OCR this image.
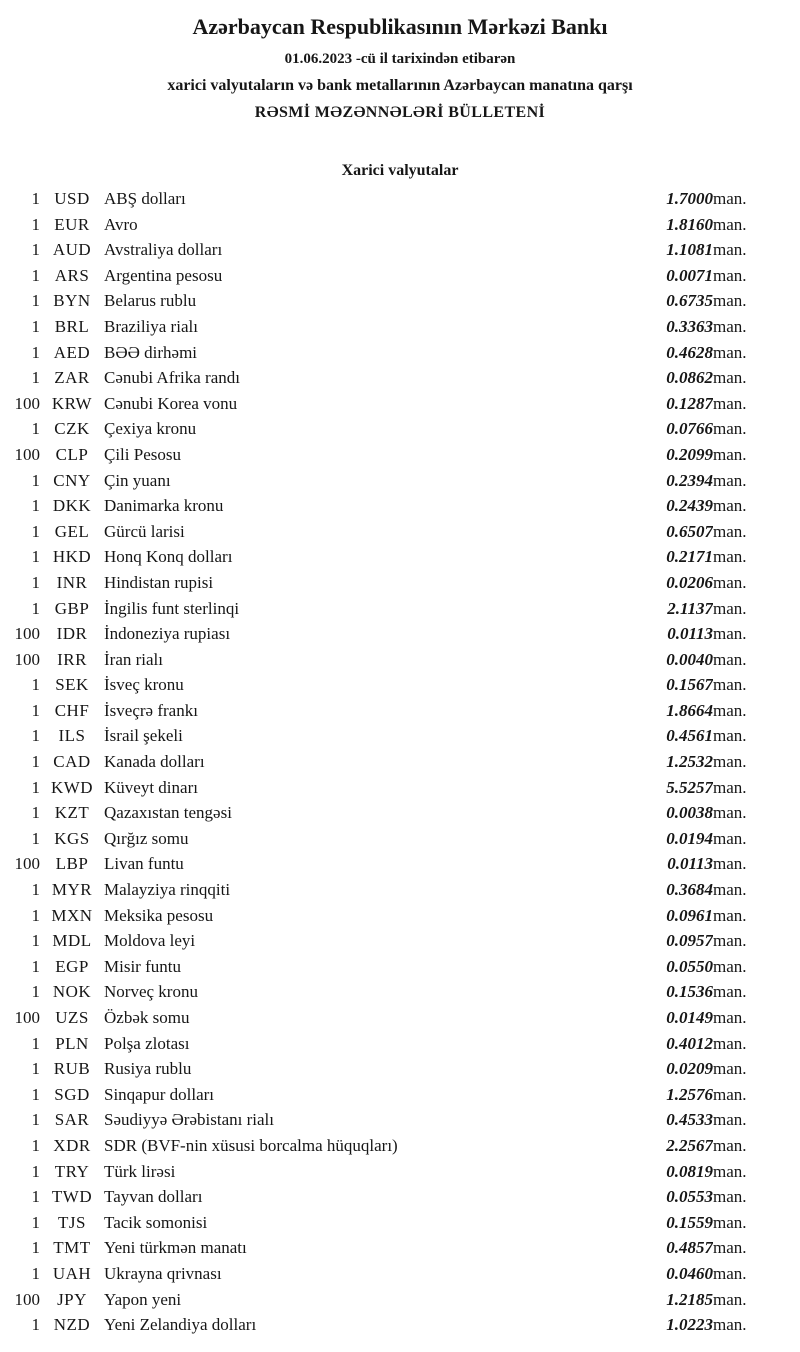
Azərbaycan Respublikasının Mərkəzi Bankı
01.06.2023 -cü il tarixindən etibarən
xarici valyutaların və bank metallarının Azərbaycan manatına qarşı
RƏSMİ MƏZƏNNƏLƏRİ BÜLLETENİ
Xarici valyutalar
1	USD	ABŞ dolları	1.7000	man.
1	EUR	Avro	1.8160	man.
1	AUD	Avstraliya dolları	1.1081	man.
1	ARS	Argentina pesosu	0.0071	man.
1	BYN	Belarus rublu	0.6735	man.
1	BRL	Braziliya rialı	0.3363	man.
1	AED	BƏƏ dirhəmi	0.4628	man.
1	ZAR	Cənubi Afrika randı	0.0862	man.
100	KRW	Cənubi Korea vonu	0.1287	man.
1	CZK	Çexiya kronu	0.0766	man.
100	CLP	Çili Pesosu	0.2099	man.
1	CNY	Çin yuanı	0.2394	man.
1	DKK	Danimarka kronu	0.2439	man.
1	GEL	Gürcü larisi	0.6507	man.
1	HKD	Honq Konq dolları	0.2171	man.
1	INR	Hindistan rupisi	0.0206	man.
1	GBP	İngilis funt sterlinqi	2.1137	man.
100	IDR	İndoneziya rupiası	0.0113	man.
100	IRR	İran rialı	0.0040	man.
1	SEK	İsveç kronu	0.1567	man.
1	CHF	İsveçrə frankı	1.8664	man.
1	ILS	İsrail şekeli	0.4561	man.
1	CAD	Kanada dolları	1.2532	man.
1	KWD	Küveyt dinarı	5.5257	man.
1	KZT	Qazaxıstan tengəsi	0.0038	man.
1	KGS	Qırğız somu	0.0194	man.
100	LBP	Livan funtu	0.0113	man.
1	MYR	Malayziya rinqqiti	0.3684	man.
1	MXN	Meksika pesosu	0.0961	man.
1	MDL	Moldova leyi	0.0957	man.
1	EGP	Misir funtu	0.0550	man.
1	NOK	Norveç kronu	0.1536	man.
100	UZS	Özbək somu	0.0149	man.
1	PLN	Polşa zlotası	0.4012	man.
1	RUB	Rusiya rublu	0.0209	man.
1	SGD	Sinqapur dolları	1.2576	man.
1	SAR	Səudiyyə Ərəbistanı rialı	0.4533	man.
1	XDR	SDR (BVF-nin xüsusi borcalma hüquqları)	2.2567	man.
1	TRY	Türk lirəsi	0.0819	man.
1	TWD	Tayvan dolları	0.0553	man.
1	TJS	Tacik somonisi	0.1559	man.
1	TMT	Yeni türkmən manatı	0.4857	man.
1	UAH	Ukrayna qrivnası	0.0460	man.
100	JPY	Yapon yeni	1.2185	man.
1	NZD	Yeni Zelandiya dolları	1.0223	man.
